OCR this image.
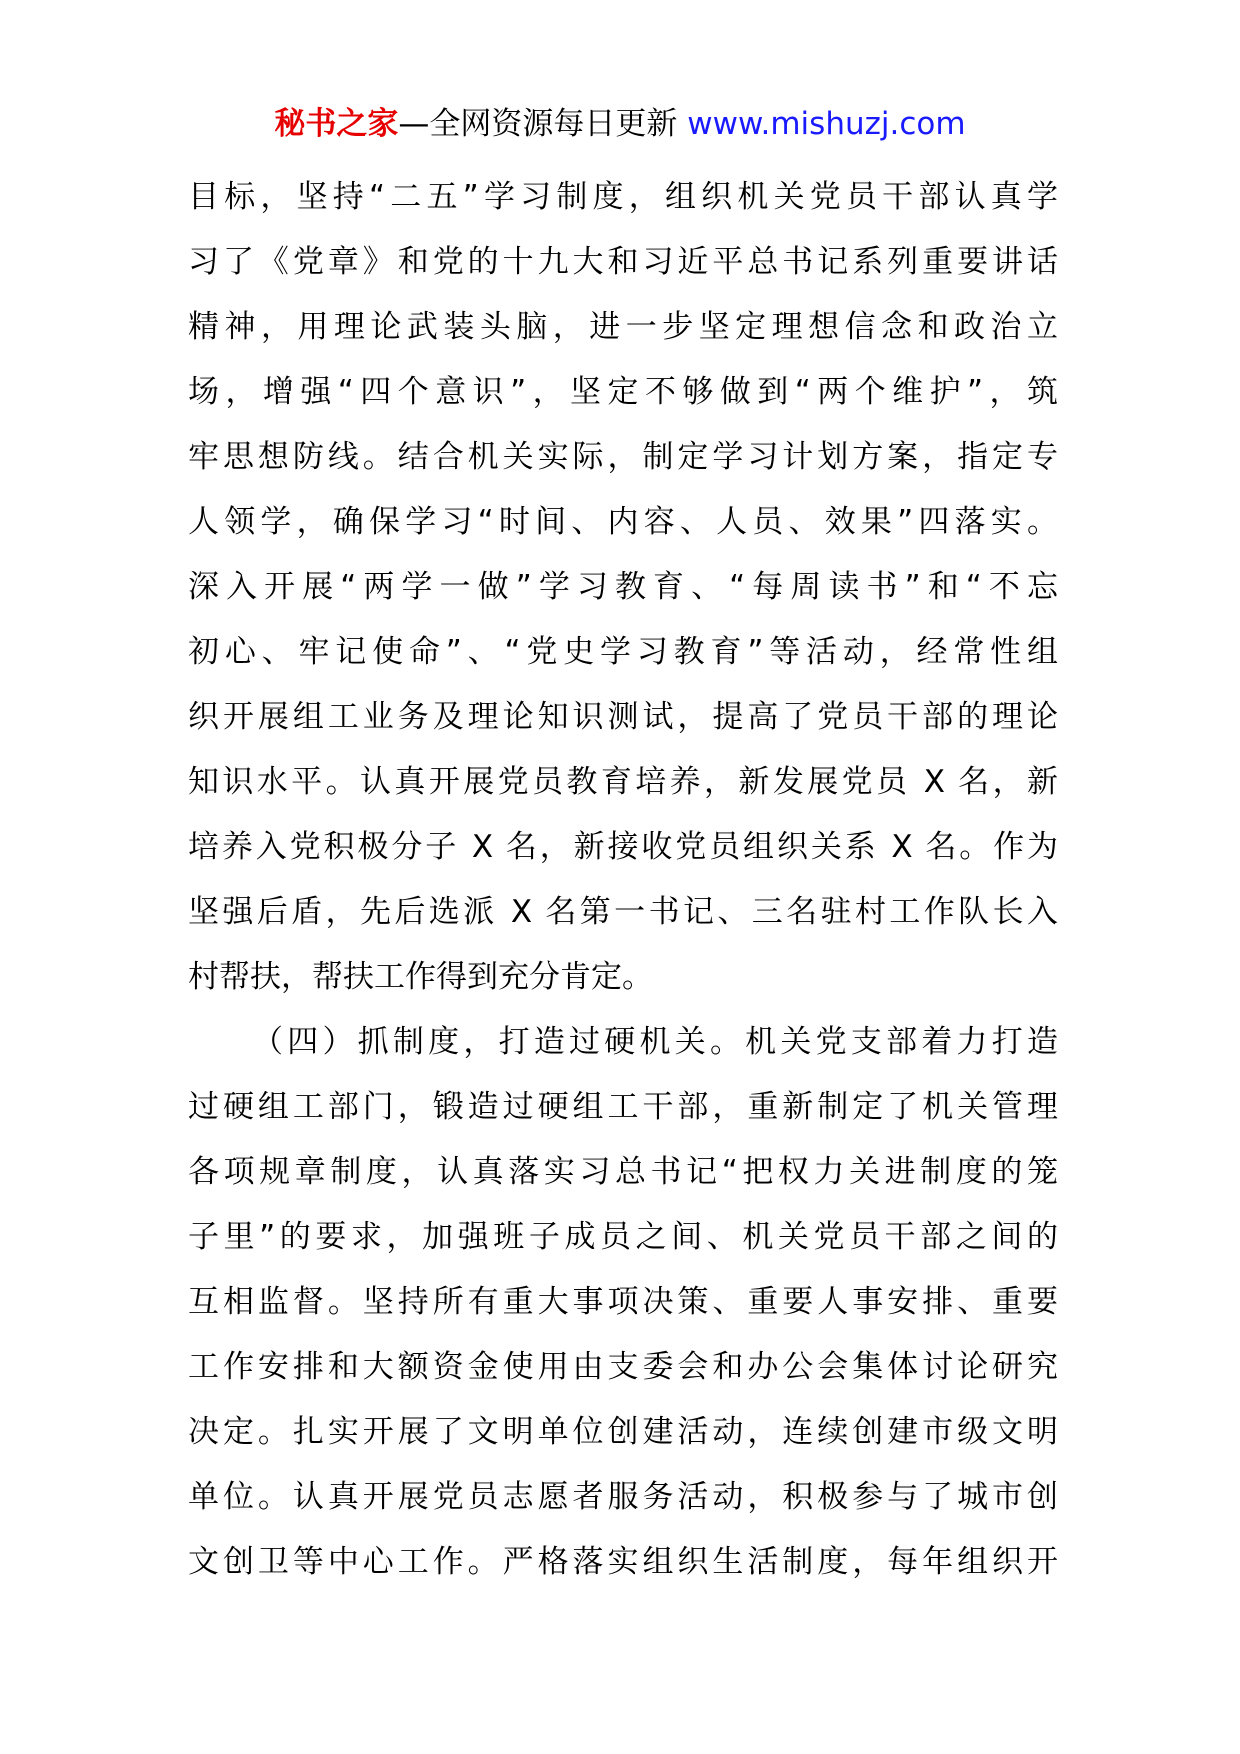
秘书之家—全网资源每日更新 www.mishuzj.com
目标，坚持“二五”学习制度，组织机关党员干部认真学
习了《党章》和党的十九大和习近平总书记系列重要讲话
精神，用理论武装头脑，进一步坚定理想信念和政治立
场，增强“四个意识”，坚定不够做到“两个维护”，筑
牢思想防线。结合机关实际，制定学习计划方案，指定专
人领学，确保学习“时间、内容、人员、效果”四落实。
深入开展“两学一做”学习教育、“每周读书”和“不忘
初心、牢记使命”、“党史学习教育”等活动，经常性组
织开展组工业务及理论知识测试，提高了党员干部的理论
知识水平。认真开展党员教育培养，新发展党员 X 名，新
培养入党积极分子 X 名，新接收党员组织关系 X 名。作为
坚强后盾，先后选派 X 名第一书记、三名驻村工作队长入
村帮扶，帮扶工作得到充分肯定。
（四）抓制度，打造过硬机关。机关党支部着力打造
过硬组工部门，锻造过硬组工干部，重新制定了机关管理
各项规章制度，认真落实习总书记“把权力关进制度的笼
子里”的要求，加强班子成员之间、机关党员干部之间的
互相监督。坚持所有重大事项决策、重要人事安排、重要
工作安排和大额资金使用由支委会和办公会集体讨论研究
决定。扎实开展了文明单位创建活动，连续创建市级文明
单位。认真开展党员志愿者服务活动，积极参与了城市创
文创卫等中心工作。严格落实组织生活制度，每年组织开
